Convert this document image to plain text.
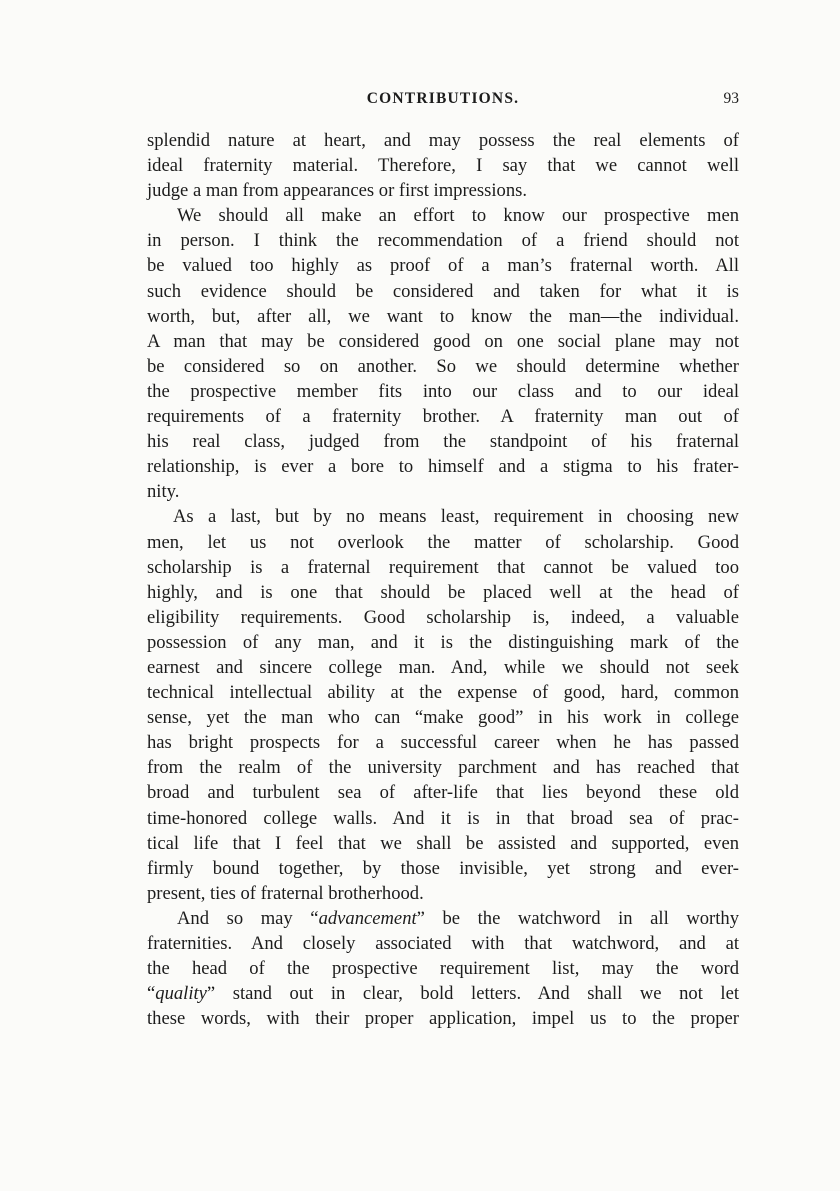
CONTRIBUTIONS.	93
splendid nature at heart, and may possess the real elements of
ideal fraternity material. Therefore, I say that we cannot well
judge a man from appearances or first impressions.
We should all make an effort to know our prospective men
in person. I think the recommendation of a friend should not
be valued too highly as proof of a man’s fraternal worth. All
such evidence should be considered and taken for what it is
worth, but, after all, we want to know the man—the individual.
A man that may be considered good on one social plane may not
be considered so on another. So we should determine whether
the prospective member fits into our class and to our ideal
requirements of a fraternity brother. A fraternity man out of
his real class, judged from the standpoint of his fraternal
relationship, is ever a bore to himself and a stigma to his frater-
nity.
As a last, but by no means least, requirement in choosing new
men, let us not overlook the matter of scholarship. Good
scholarship is a fraternal requirement that cannot be valued too
highly, and is one that should be placed well at the head of
eligibility requirements. Good scholarship is, indeed, a valuable
possession of any man, and it is the distinguishing mark of the
earnest and sincere college man. And, while we should not seek
technical intellectual ability at the expense of good, hard, common
sense, yet the man who can “make good” in his work in college
has bright prospects for a successful career when he has passed
from the realm of the university parchment and has reached that
broad and turbulent sea of after-life that lies beyond these old
time-honored college walls. And it is in that broad sea of prac-
tical life that I feel that we shall be assisted and supported, even
firmly bound together, by those invisible, yet strong and ever-
present, ties of fraternal brotherhood.
And so may “advancement” be the watchword in all worthy
fraternities. And closely associated with that watchword, and at
the head of the prospective requirement list, may the word
“quality” stand out in clear, bold letters. And shall we not let
these words, with their proper application, impel us to the proper
